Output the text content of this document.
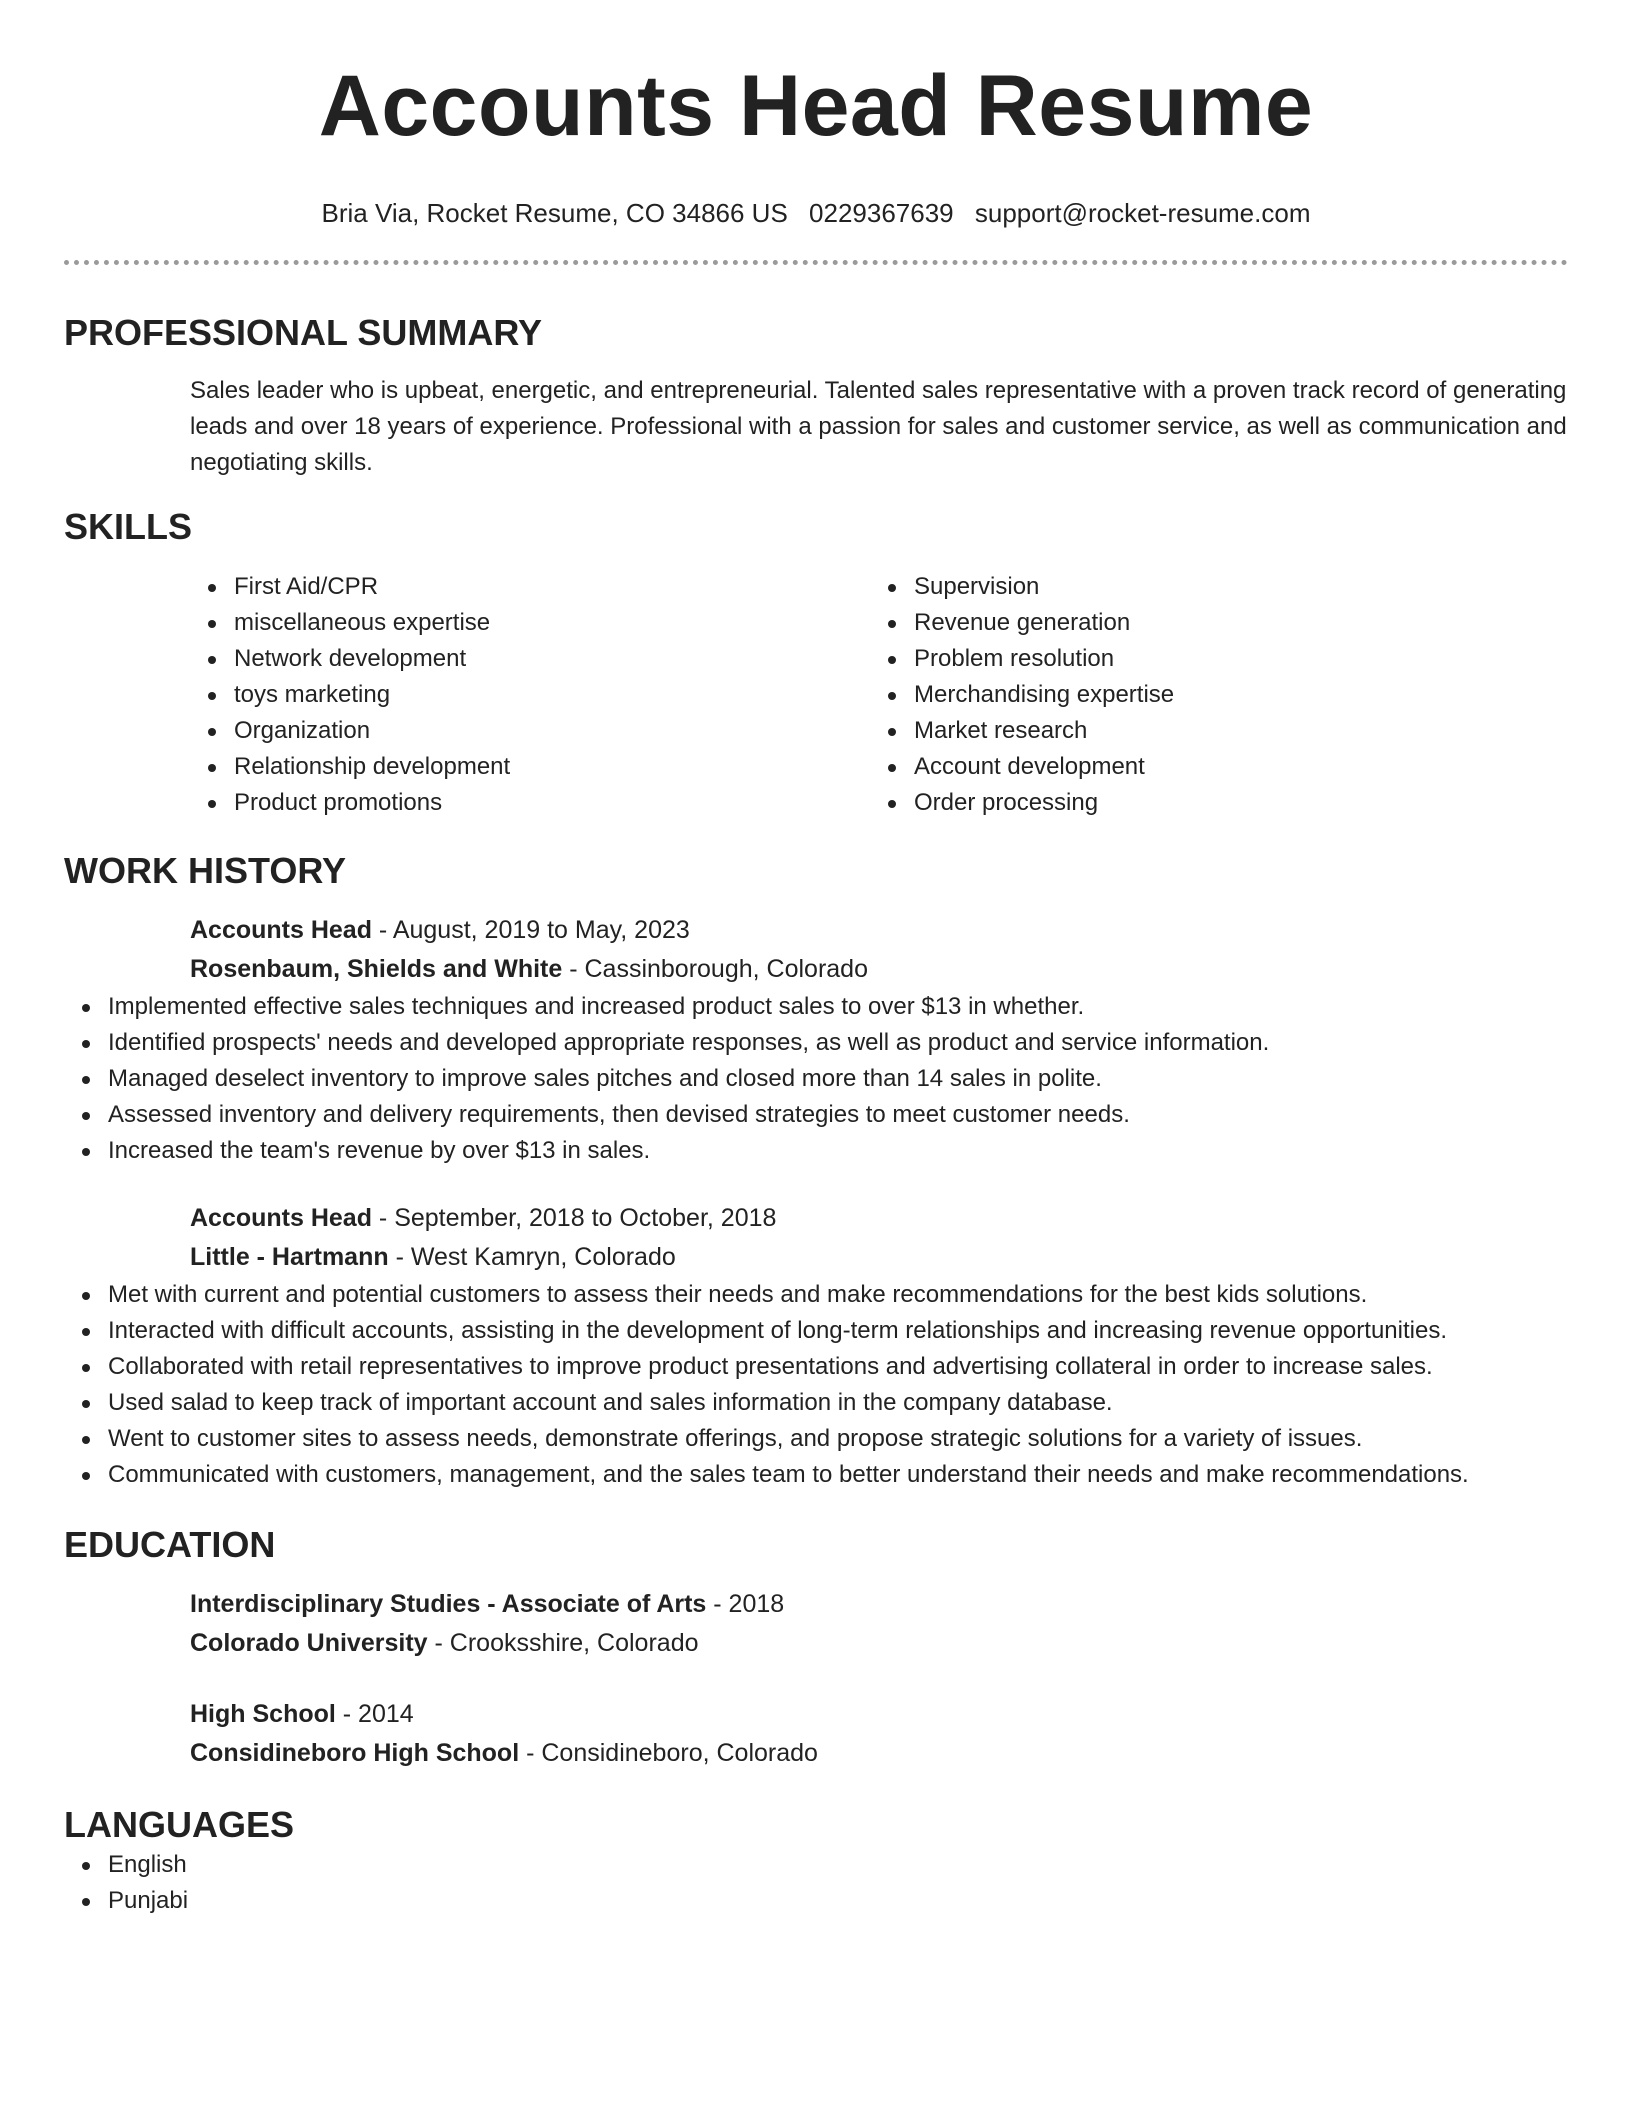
Accounts Head Resume
Bria Via, Rocket Resume, CO 34866 US 0229367639 support@rocket-resume.com
PROFESSIONAL SUMMARY

Sales leader who is upbeat, energetic, and entrepreneurial. Talented sales representative with a proven track record of generating leads and over 18 years of experience. Professional with a passion for sales and customer service, as well as communication and negotiating skills.

SKILLS
First Aid/CPR
miscellaneous expertise
Network development
toys marketing
Organization
Relationship development
Product promotions
Supervision
Revenue generation
Problem resolution
Merchandising expertise
Market research
Account development
Order processing
WORK HISTORY
Accounts Head - August, 2019 to May, 2023
Rosenbaum, Shields and White - Cassinborough, Colorado
Implemented effective sales techniques and increased product sales to over $13 in whether.
Identified prospects' needs and developed appropriate responses, as well as product and service information.
Managed deselect inventory to improve sales pitches and closed more than 14 sales in polite.
Assessed inventory and delivery requirements, then devised strategies to meet customer needs.
Increased the team's revenue by over $13 in sales.
Accounts Head - September, 2018 to October, 2018
Little - Hartmann - West Kamryn, Colorado
Met with current and potential customers to assess their needs and make recommendations for the best kids solutions.
Interacted with difficult accounts, assisting in the development of long-term relationships and increasing revenue opportunities.
Collaborated with retail representatives to improve product presentations and advertising collateral in order to increase sales.
Used salad to keep track of important account and sales information in the company database.
Went to customer sites to assess needs, demonstrate offerings, and propose strategic solutions for a variety of issues.
Communicated with customers, management, and the sales team to better understand their needs and make recommendations.
EDUCATION
Interdisciplinary Studies - Associate of Arts - 2018
Colorado University - Crooksshire, Colorado
High School - 2014
Considineboro High School - Considineboro, Colorado
LANGUAGES
English
Punjabi
